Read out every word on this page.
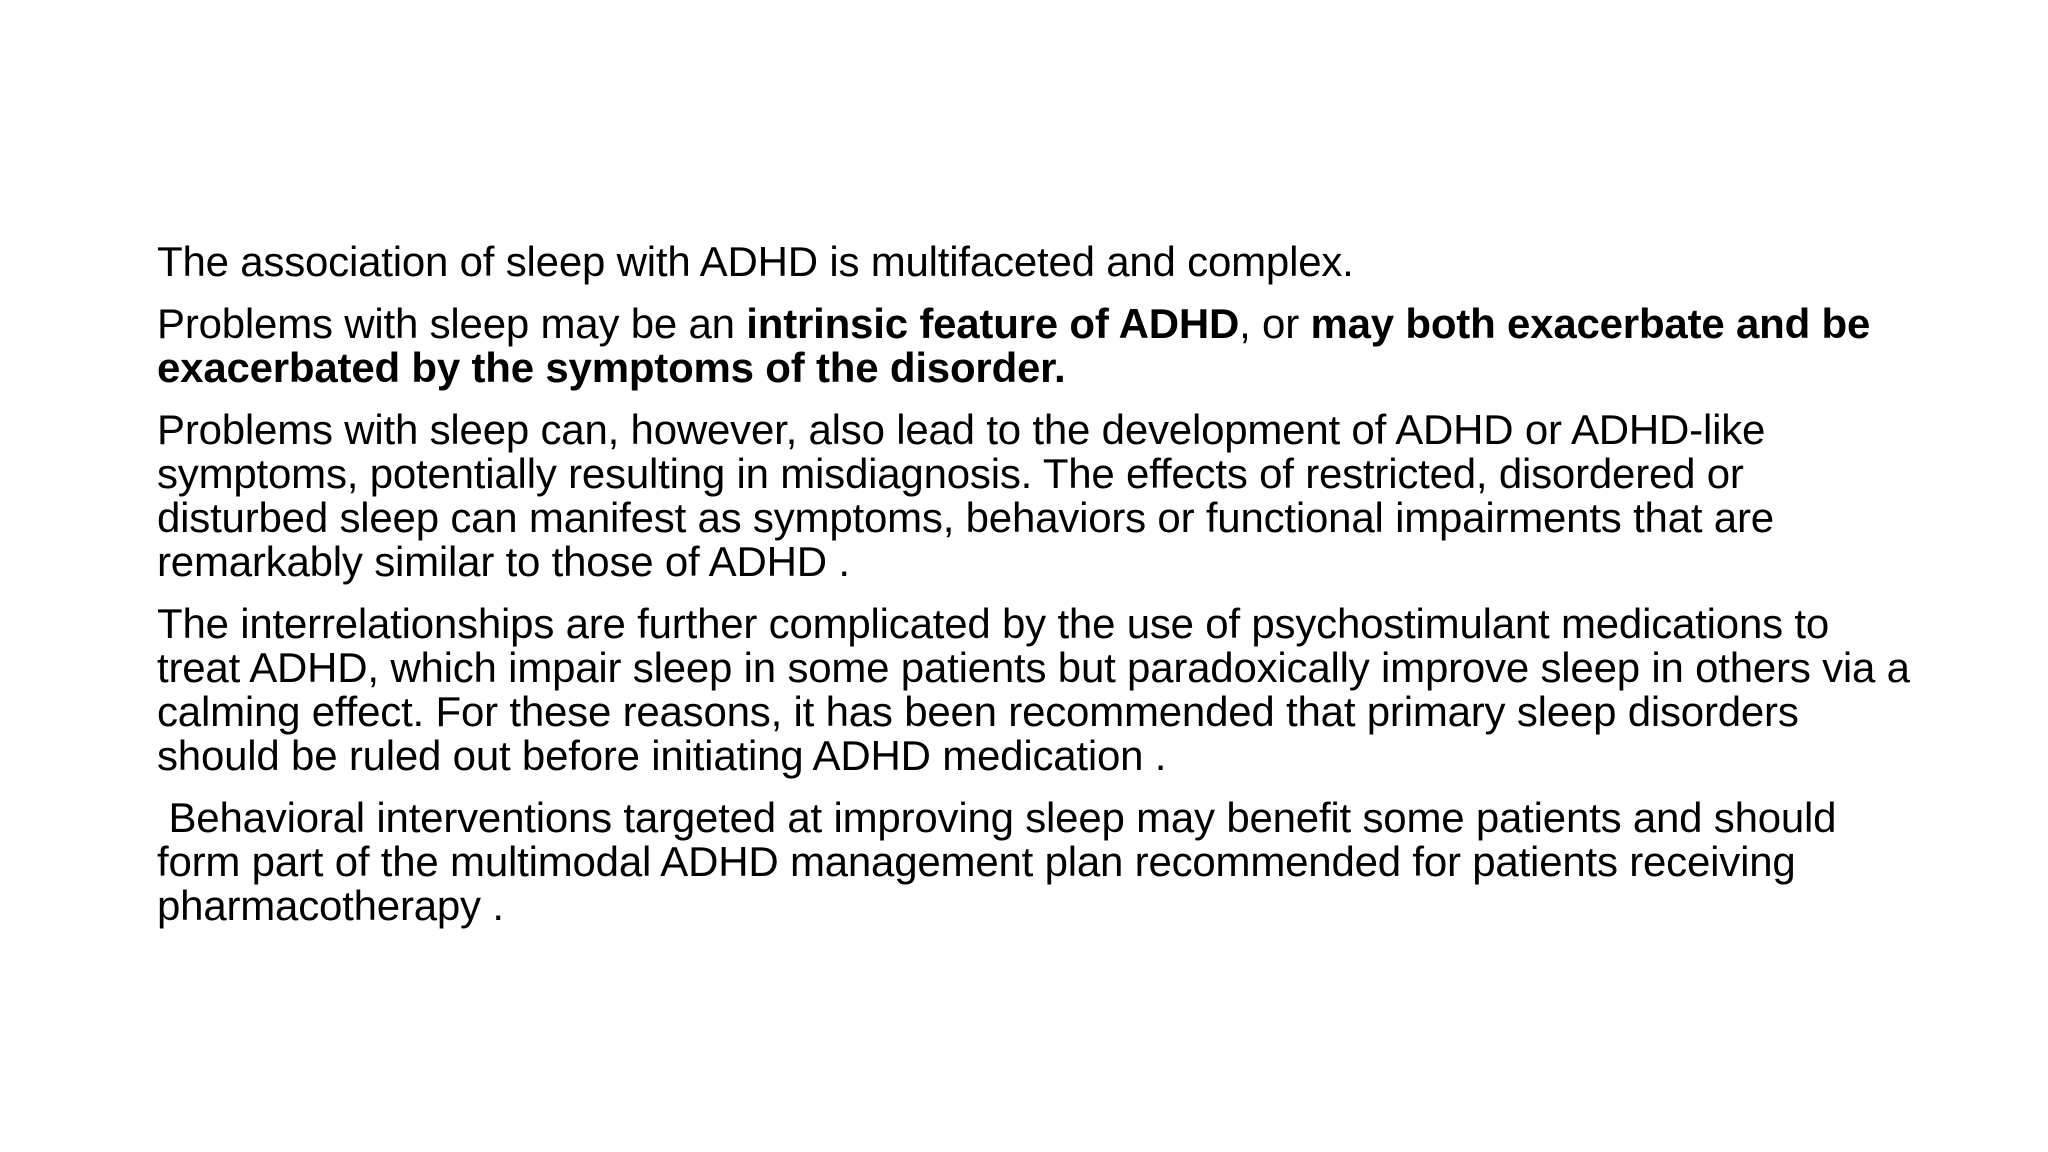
The association of sleep with ADHD is multifaceted and complex.

Problems with sleep may be an intrinsic feature of ADHD, or may both exacerbate and be exacerbated by the symptoms of the disorder.

Problems with sleep can, however, also lead to the development of ADHD or ADHD-like symptoms, potentially resulting in misdiagnosis. The effects of restricted, disordered or disturbed sleep can manifest as symptoms, behaviors or functional impairments that are remarkably similar to those of ADHD .

The interrelationships are further complicated by the use of psychostimulant medications to treat ADHD, which impair sleep in some patients but paradoxically improve sleep in others via a calming effect. For these reasons, it has been recommended that primary sleep disorders should be ruled out before initiating ADHD medication .

Behavioral interventions targeted at improving sleep may benefit some patients and should form part of the multimodal ADHD management plan recommended for patients receiving pharmacotherapy .
